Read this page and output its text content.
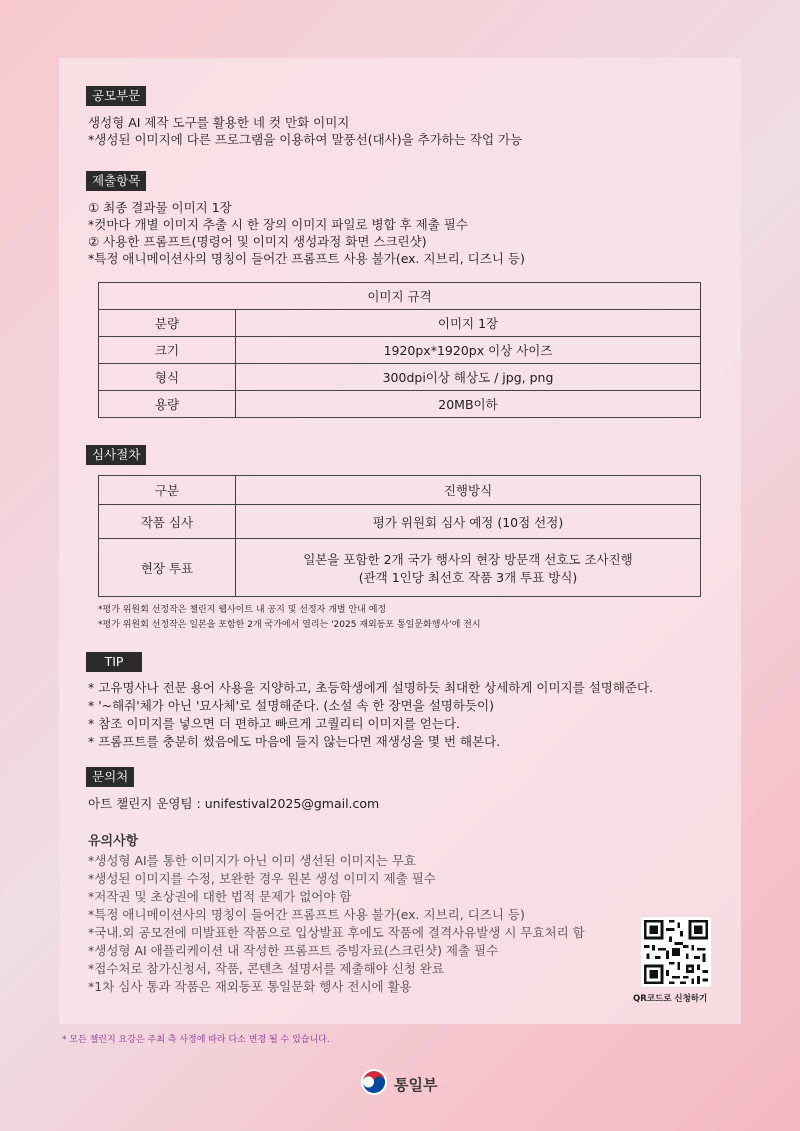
공모부문
생성형 AI 제작 도구를 활용한 네 컷 만화 이미지
*생성된 이미지에 다른 프로그램을 이용하여 말풍선(대사)을 추가하는 작업 가능
제출항목
① 최종 결과물 이미지 1장
*컷마다 개별 이미지 추출 시 한 장의 이미지 파일로 병합 후 제출 필수
② 사용한 프롬프트(명령어 및 이미지 생성과정 화면 스크린샷)
*특정 애니메이션사의 명칭이 들어간 프롬프트 사용 불가(ex. 지브리, 디즈니 등)
이미지 규격	
분량	이미지 1장
크기	1920px*1920px 이상 사이즈
형식	300dpi이상 해상도 / jpg, png
용량	20MB이하
심사절차
구분	진행방식
작품 심사	평가 위원회 심사 예정 (10점 선정)
현장 투표	일본을 포함한 2개 국가 행사의 현장 방문객 선호도 조사진행
(관객 1인당 최선호 작품 3개 투표 방식)
*평가 위원회 선정작은 챌린지 웹사이트 내 공지 및 선정자 개별 안내 예정
*평가 위원회 선정작은 일본을 포함한 2개 국가에서 열리는 '2025 재외동포 통일문화행사'에 전시
TIP
* 고유명사나 전문 용어 사용을 지양하고, 초등학생에게 설명하듯 최대한 상세하게 이미지를 설명해준다.
* '~해줘'체가 아닌 '묘사체'로 설명해준다. (소설 속 한 장면을 설명하듯이)
* 참조 이미지를 넣으면 더 편하고 빠르게 고퀄리티 이미지를 얻는다.
* 프롬프트를 충분히 썼음에도 마음에 들지 않는다면 재생성을 몇 번 해본다.
문의처
아트 챌린지 운영팀 : unifestival2025@gmail.com
유의사항
*생성형 AI를 통한 이미지가 아닌 이미 생선된 이미지는 무효
*생성된 이미지를 수정, 보완한 경우 원본 생성 이미지 제출 필수
*저작권 및 초상권에 대한 법적 문제가 없어야 함
*특정 애니메이션사의 명칭이 들어간 프롬프트 사용 불가(ex. 지브리, 디즈니 등)
*국내.외 공모전에 미발표한 작품으로 입상발표 후에도 작품에 결격사유발생 시 무효처리 함
*생성형 AI 애플리케이션 내 작성한 프롬프트 증빙자료(스크린샷) 제출 필수
*접수처로 참가신청서, 작품, 콘텐츠 설명서를 제출해야 신청 완료
*1차 심사 통과 작품은 재외동포 통일문화 행사 전시에 활용
QR코드로 신청하기
* 모든 챌린지 요강은 주최 측 사정에 따라 다소 변경 될 수 있습니다.
통일부
